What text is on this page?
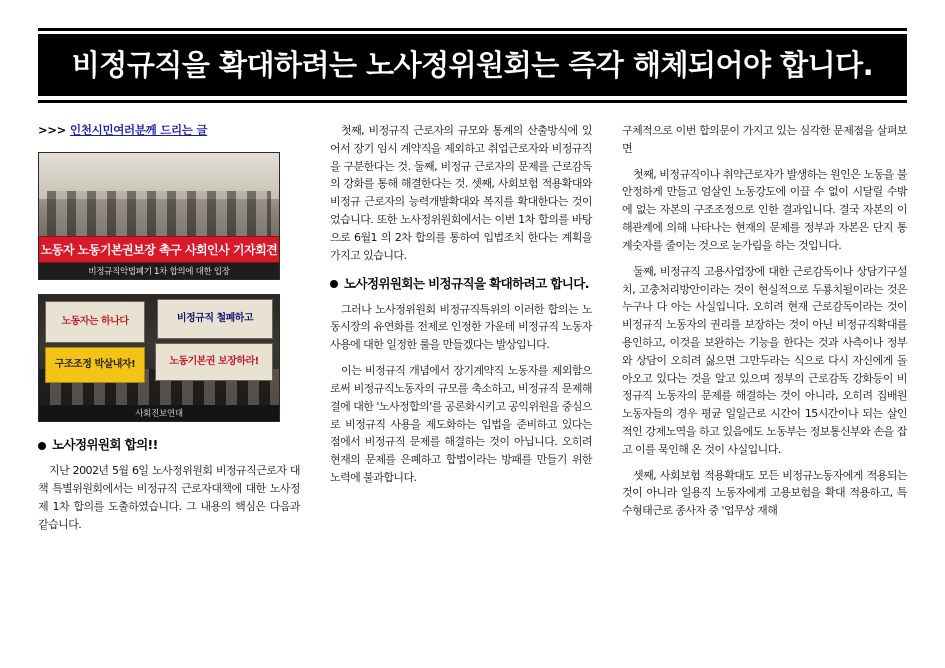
비정규직을 확대하려는 노사정위원회는 즉각 해체되어야 합니다.
>>> 인천시민여러분께 드리는 글
노동자 노동기본권보장 촉구 사회인사 기자회견
비정규직악법폐기 1차 합의에 대한 입장
노동자는 하나다	비정규직 철폐하고
노동기본권 보장하라!
구조조정 박살내자!
사회진보연대
노사정위원회 합의!!

지난 2002년 5월 6일 노사정위원회 비정규직근로자 대책 특별위원회에서는 비정규직 근로자대책에 대한 노사정 제 1차 합의를 도출하였습니다. 그 내용의 핵심은 다음과 같습니다.

첫째, 비정규직 근로자의 규모와 통계의 산출방식에 있어서 장기 임시 계약직을 제외하고 취업근로자와 비정규직을 구분한다는 것. 둘째, 비정규 근로자의 문제를 근로감독의 강화를 통해 해결한다는 것. 셋째, 사회보험 적용확대와 비정규 근로자의 능력개발확대와 복지를 확대한다는 것이었습니다. 또한 노사정위원회에서는 이번 1차 합의를 바탕으로 6월1 의 2차 합의를 통하여 입법조치 한다는 계획을 가지고 있습니다.

노사정위원회는 비정규직을 확대하려고 합니다.

그러나 노사정위원회 비정규직특위의 이러한 합의는 노동시장의 유연화를 전제로 인정한 가운데 비정규직 노동자 사용에 대한 일정한 룰을 만들겠다는 발상입니다.

이는 비정규직 개념에서 장기계약직 노동자를 제외함으로써 비정규직노동자의 규모를 축소하고, 비정규직 문제해결에 대한 '노사정합의'를 공론화시키고 공익위원을 중심으로 비정규직 사용을 제도화하는 입법을 준비하고 있다는 점에서 비정규직 문제를 해결하는 것이 아닙니다. 오히려 현재의 문제를 은폐하고 합법이라는 방패를 만들기 위한 노력에 불과합니다.

구체적으로 이번 합의문이 가지고 있는 심각한 문제점을 살펴보면

첫째, 비정규직이나 취약근로자가 발생하는 원인은 노동을 불안정하게 만들고 엄살인 노동강도에 이끌 수 없이 시달릴 수밖에 없는 자본의 구조조정으로 인한 결과입니다. 결국 자본의 이해관계에 의해 나타나는 현재의 문제를 정부과 자본은 단지 통계숫자를 줄이는 것으로 눈가림을 하는 것입니다.

둘째, 비정규직 고용사업장에 대한 근로감독이나 상담기구설치, 고충처리방안이라는 것이 현실적으로 두룡치될이라는 것은 누구나 다 아는 사실입니다. 오히려 현재 근로감독이라는 것이 비정규직 노동자의 권리를 보장하는 것이 아닌 비정규직확대를 용인하고, 이것을 보완하는 기능을 한다는 것과 사측이나 정부와 상담이 오히려 싫으면 그만두라는 식으로 다시 자신에게 돌아오고 있다는 것을 알고 있으며 정부의 근로감독 강화등이 비정규직 노동자의 문제를 해결하는 것이 아니라, 오히려 집배원노동자들의 경우 평균 일일근로 시간이 15시간이나 되는 살인적인 강제노역을 하고 있음에도 노동부는 정보통신부와 손을 잡고 이를 묵인해 온 것이 사실입니다.

셋째, 사회보험 적용확대도 모든 비정규노동자에게 적용되는 것이 아니라 일용직 노동자에게 고용보험을 확대 적용하고, 특수형태근로 종사자 중 '업무상 재해
